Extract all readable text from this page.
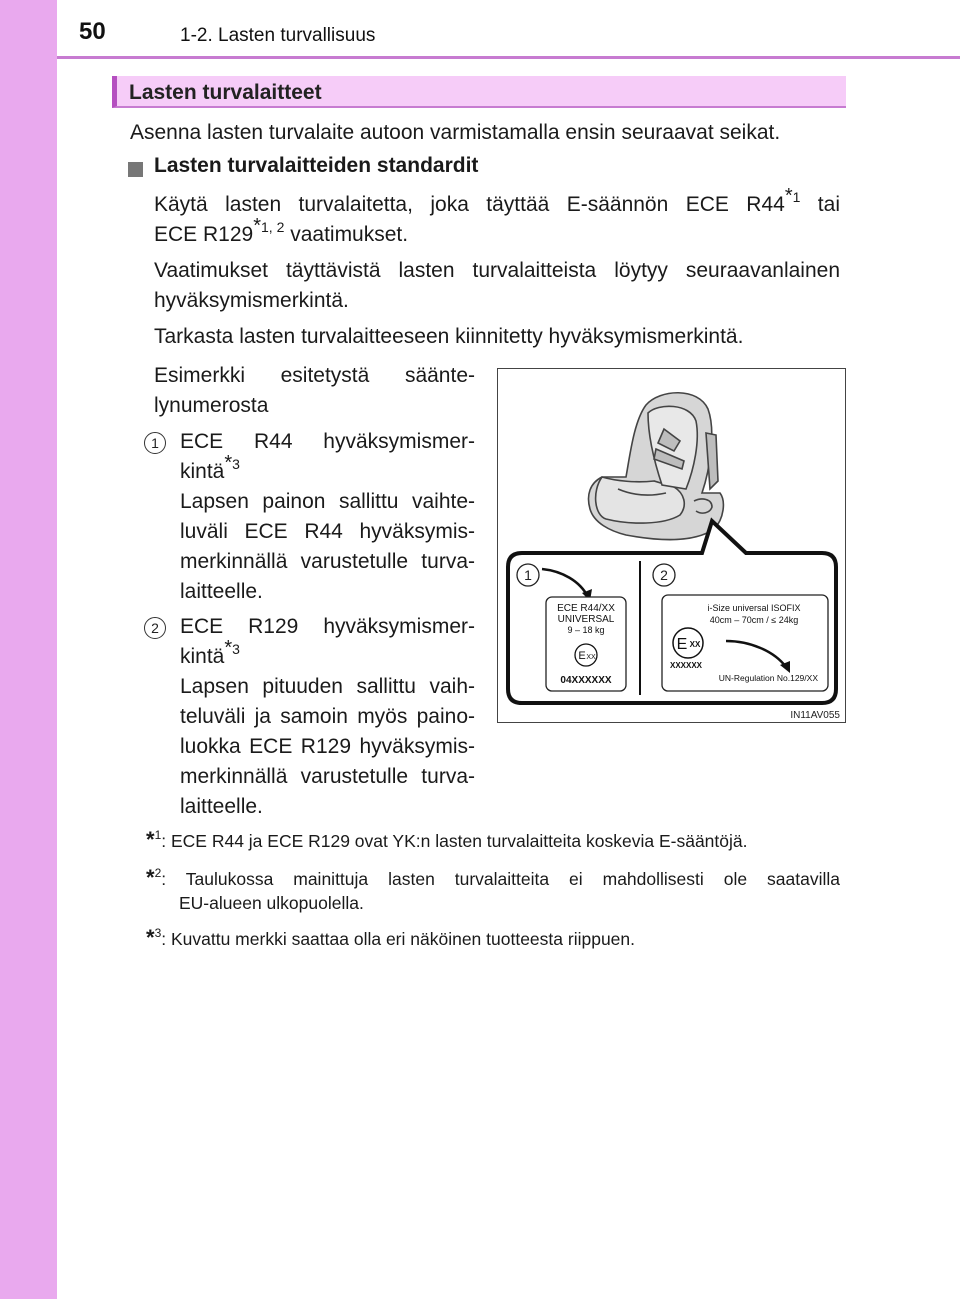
50	1-2. Lasten turvallisuus
Lasten turvalaitteet
Asenna lasten turvalaite autoon varmistamalla ensin seuraavat seikat.
Lasten turvalaitteiden standardit
Käytä lasten turvalaitetta, joka täyttää E-säännön ECE R44$^{*1}$ tai
ECE R129$^{*1, 2}$ vaatimukset.
Vaatimukset täyttävistä lasten turvalaitteista löytyy seuraavanlainen
hyväksymismerkintä.
Tarkasta lasten turvalaitteeseen kiinnitetty hyväksymismerkintä.
Esimerkki esitetystä säänte-
lynumerosta
1	ECE R44 hyväksymismer-
kintä$^{*3}$
Lapsen painon sallittu vaihte-
luväli ECE R44 hyväksymis-
merkinnällä varustetulle turva-
laitteelle.
2	ECE R129 hyväksymismer-
kintä$^{*3}$
Lapsen pituuden sallittu vaih-
teluväli ja samoin myös paino-
luokka ECE R129 hyväksymis-
merkinnällä varustetulle turva-
laitteelle.
1	2
ECE R44/XX
UNIVERSAL
9 – 18 kg
E XX
04XXXXXX
i-Size universal ISOFIX
40cm – 70cm / ≤ 24kg
E XX
XXXXXX
UN-Regulation No.129/XX
IN11AV055
*$^1$: ECE R44 ja ECE R129 ovat YK:n lasten turvalaitteita koskevia E-sääntöjä.
*$^2$: Taulukossa mainittuja lasten turvalaitteita ei mahdollisesti ole saatavilla
EU-alueen ulkopuolella.
*$^3$: Kuvattu merkki saattaa olla eri näköinen tuotteesta riippuen.
